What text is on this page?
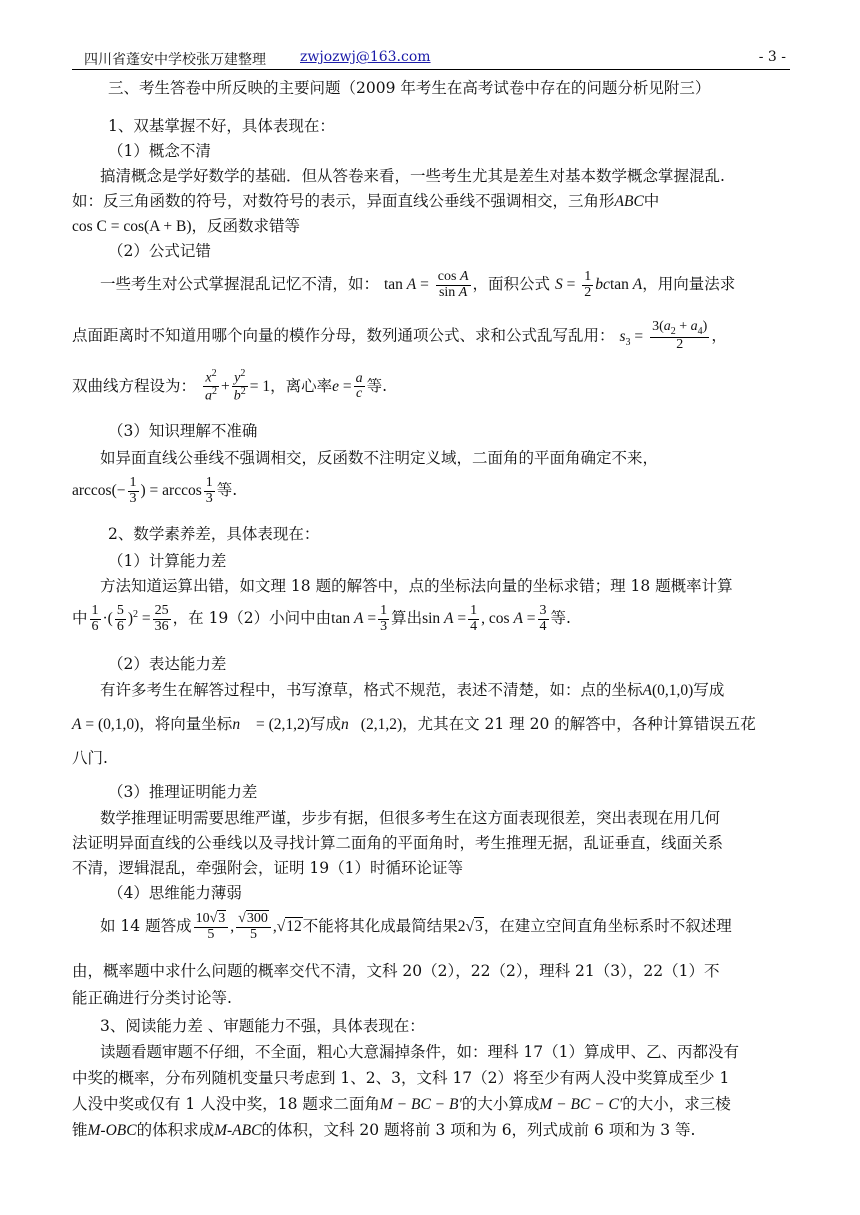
四川省蓬安中学校张万建整理 zwjozwj@163.com	- 3 -
三、考生答卷中所反映的主要问题（2009 年考生在高考试卷中存在的问题分析见附三）
1、双基掌握不好，具体表现在：
（1）概念不清
搞清概念是学好数学的基础．但从答卷来看，一些考生尤其是差生对基本数学概念掌握混乱.
如：反三角函数的符号，对数符号的表示，异面直线公垂线不强调相交，三角形ABC中
cos C = cos(A + B)，反函数求错等
（2）公式记错
一些考生对公式掌握混乱记忆不清，如： $\tan A = \frac{\text{cos A}}{\text{sin A}}$ ，面积公式 $S = \frac{1}{2}$ bctan A，用向量法求
点面距离时不知道用哪个向量的模作分母，数列通项公式、求和公式乱写乱用： $s_3 = \frac{3(a_2 + a_4)}{2}$ ，
双曲线方程设为： $\frac{x^2}{a^2} + \frac{y^2}{b^2} = 1$，离心率$e = \frac{a}{c}$ 等.
（3）知识理解不准确
如异面直线公垂线不强调相交，反函数不注明定义域，二面角的平面角确定不来，
$\arccos(- \frac{1}{3}$ ) = $\arccos \frac{1}{3}$ 等.
2、数学素养差，具体表现在：
（1）计算能力差
方法知道运算出错，如文理 18 题的解答中，点的坐标法向量的坐标求错；理 18 题概率计算
中 $\frac{1}{6}$ ·( $\frac{5}{6} )^2 = \frac{25}{36}$ ，在 19（2）小问中由$\tan A = \frac{1}{3}$ 算出$\sin A = \frac{1}{4}$ , $\cos A = \frac{3}{4}$ 等.
（2）表达能力差
有许多考生在解答过程中，书写潦草，格式不规范，表述不清楚，如：点的坐标A(0,1,0)写成
A = (0,1,0)，将向量坐标n⃗ = (2,1,2)写成n⃗(2,1,2)，尤其在文 21 理 20 的解答中，各种计算错误五花
八门.
（3）推理证明能力差
数学推理证明需要思维严谨，步步有据，但很多考生在这方面表现很差，突出表现在用几何
法证明异面直线的公垂线以及寻找计算二面角的平面角时，考生推理无据，乱证垂直，线面关系
不清，逻辑混乱，牵强附会，证明 19（1）时循环论证等
（4）思维能力薄弱
如 14 题答成 $\frac{10√3}{5}$ , $\frac{√300}{5} ,√12$不能将其化成最简结果2√3，在建立空间直角坐标系时不叙述理
由，概率题中求什么问题的概率交代不清，文科 20（2），22（2），理科 21（3），22（1）不
能正确进行分类讨论等.
3、阅读能力差 、审题能力不强，具体表现在：
读题看题审题不仔细，不全面，粗心大意漏掉条件，如：理科 17（1）算成甲、乙、丙都没有
中奖的概率，分布列随机变量只考虑到 1、2、3，文科 17（2）将至少有两人没中奖算成至少 1
人没中奖或仅有 1 人没中奖，18 题求二面角M − BC − B′的大小算成M − BC − C′的大小，求三棱
锥M-OBC的体积求成M-ABC的体积，文科 20 题将前 3 项和为 6，列式成前 6 项和为 3 等.
